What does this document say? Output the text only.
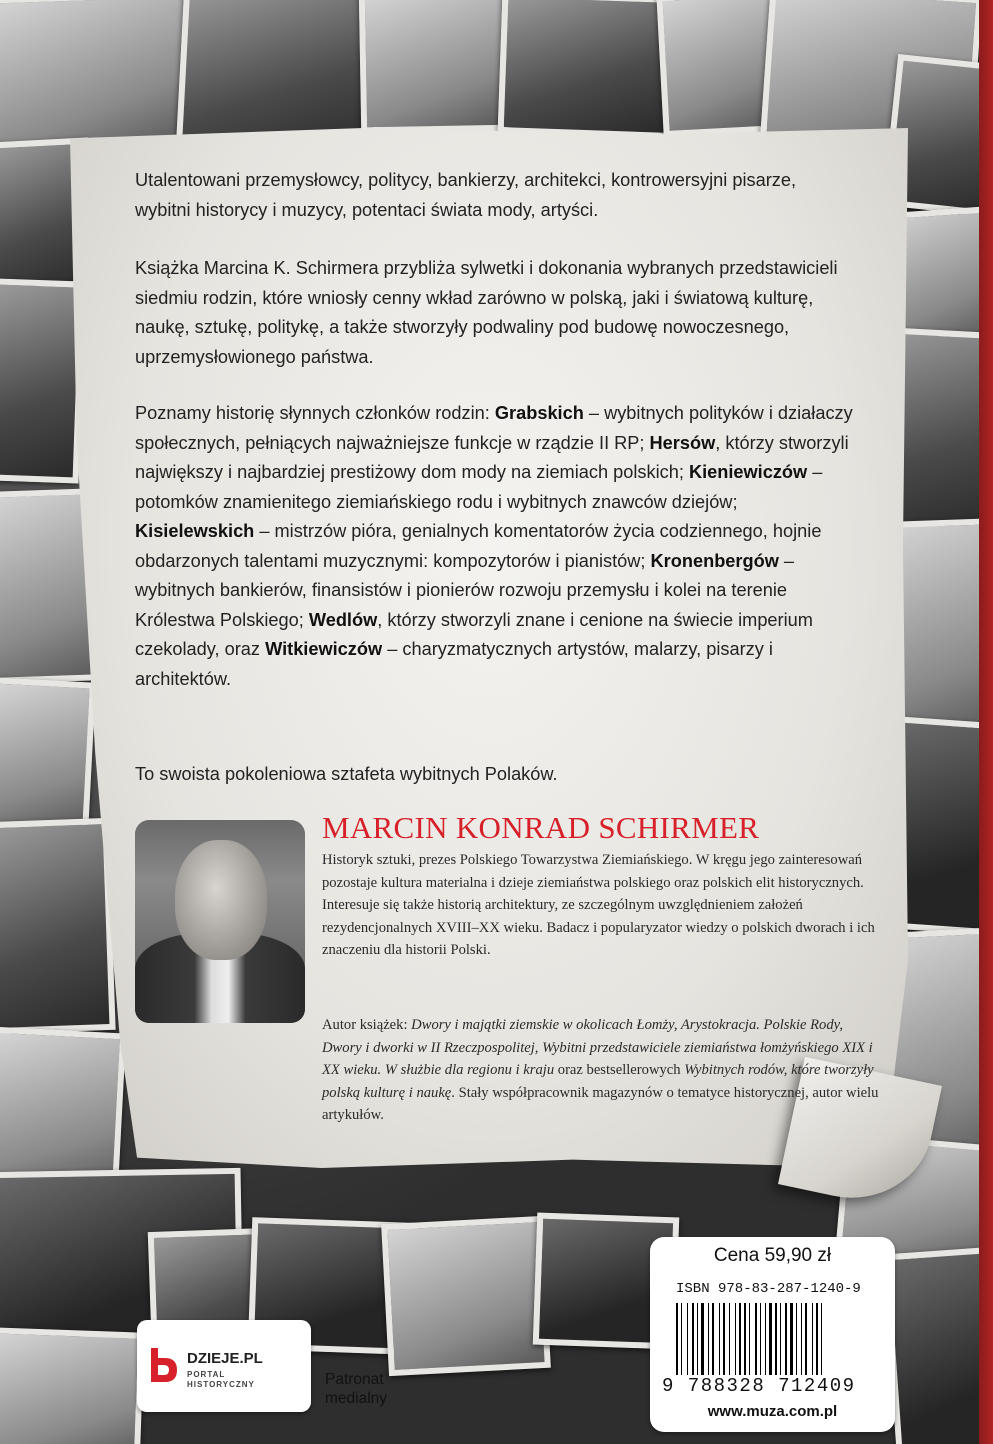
Utalentowani przemysłowcy, politycy, bankierzy, architekci, kontrowersyjni pisarze, wybitni historycy i muzycy, potentaci świata mody, artyści.

Książka Marcina K. Schirmera przybliża sylwetki i dokonania wybranych przedstawicieli siedmiu rodzin, które wniosły cenny wkład zarówno w polską, jaki i światową kulturę, naukę, sztukę, politykę, a także stworzyły podwaliny pod budowę nowoczesnego, uprzemysłowionego państwa.

Poznamy historię słynnych członków rodzin: Grabskich – wybitnych polityków i działaczy społecznych, pełniących najważniejsze funkcje w rządzie II RP; Hersów, którzy stworzyli największy i najbardziej prestiżowy dom mody na ziemiach polskich; Kieniewiczów – potomków znamienitego ziemiańskiego rodu i wybitnych znawców dziejów; Kisielewskich – mistrzów pióra, genialnych komentatorów życia codziennego, hojnie obdarzonych talentami muzycznymi: kompozytorów i pianistów; Kronenbergów – wybitnych bankierów, finansistów i pionierów rozwoju przemysłu i kolei na terenie Królestwa Polskiego; Wedlów, którzy stworzyli znane i cenione na świecie imperium czekolady, oraz Witkiewiczów – charyzmatycznych artystów, malarzy, pisarzy i architektów.

To swoista pokoleniowa sztafeta wybitnych Polaków.

MARCIN KONRAD SCHIRMER

Historyk sztuki, prezes Polskiego Towarzystwa Ziemiańskiego. W kręgu jego zainteresowań pozostaje kultura materialna i dzieje ziemiaństwa polskiego oraz polskich elit historycznych. Interesuje się także historią architektury, ze szczególnym uwzględnieniem założeń rezydencjonalnych XVIII–XX wieku. Badacz i popularyzator wiedzy o polskich dworach i ich znaczeniu dla historii Polski.

Autor książek: Dwory i majątki ziemskie w okolicach Łomży, Arystokracja. Polskie Rody, Dwory i dworki w II Rzeczpospolitej, Wybitni przedstawiciele ziemiaństwa łomżyńskiego XIX i XX wieku. W służbie dla regionu i kraju oraz bestsellerowych Wybitnych rodów, które tworzyły polską kulturę i naukę. Stały współpracownik magazynów o tematyce historycznej, autor wielu artykułów.

Cena 59,90 zł
ISBN 978-83-287-1240-9
9 788328 712409
www.muza.com.pl
DZIEJE.PL
PORTAL
HISTORYCZNY	Patronat
medialny
